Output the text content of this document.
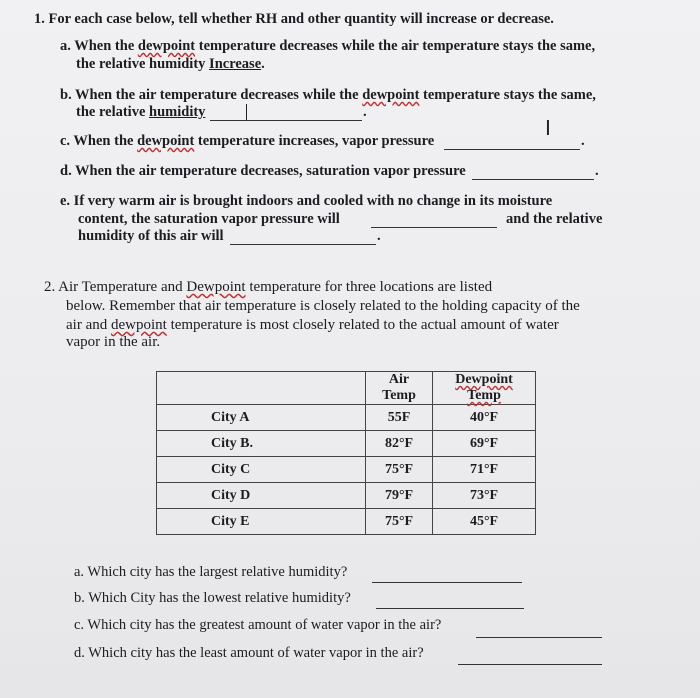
1. For each case below, tell whether RH and other quantity will increase or decrease.
a. When the dewpoint temperature decreases while the air temperature stays the same,
the relative humidity Increase.
b. When the air temperature decreases while the dewpoint temperature stays the same,
the relative humidity	.
I
c. When the dewpoint temperature increases, vapor pressure	.
d. When the air temperature decreases, saturation vapor pressure	.
e. If very warm air is brought indoors and cooled with no change in its moisture
content, the saturation vapor pressure will	and the relative
humidity of this air will	.
2. Air Temperature and Dewpoint temperature for three locations are listed
below. Remember that air temperature is closely related to the holding capacity of the
air and dewpoint temperature is most closely related to the actual amount of water
vapor in the air.
	Air Temp	Dewpoint Temp
City A	55F	40°F
City B.	82°F	69°F
City C	75°F	71°F
City D	79°F	73°F
City E	75°F	45°F
a. Which city has the largest relative humidity?
b. Which City has the lowest relative humidity?
c. Which city has the greatest amount of water vapor in the air?
d. Which city has the least amount of water vapor in the air?
